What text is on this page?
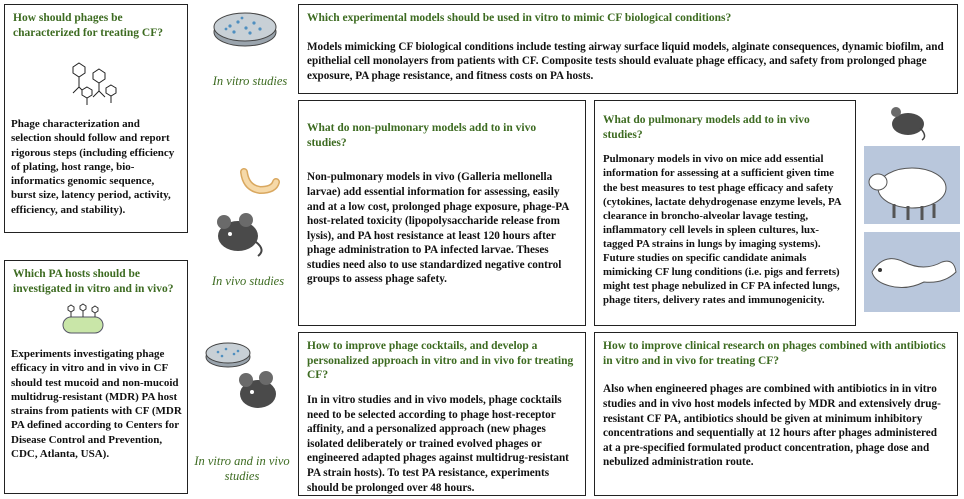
How should phages be characterized for treating CF?
Phage characterization and selection should follow and report rigorous steps (including efficiency of plating, host range, bio-informatics genomic sequence, burst size, latency period, activity, efficiency, and stability).
Which PA hosts should be investigated in vitro and in vivo?
Experiments investigating phage efficacy in vitro and in vivo in CF should test mucoid and non-mucoid multidrug-resistant (MDR) PA host strains from patients with CF (MDR PA defined according to Centers for Disease Control and Prevention, CDC, Atlanta, USA).
In vitro studies
In vivo studies
In vitro and in vivo studies
Which experimental models should be used in vitro to mimic CF biological conditions?
Models mimicking CF biological conditions include testing airway surface liquid models, alginate consequences, dynamic biofilm, and epithelial cell monolayers from patients with CF. Composite tests should evaluate phage efficacy, and safety from prolonged phage exposure, PA phage resistance, and fitness costs on PA hosts.
What do non-pulmonary models add to in vivo studies?
Non-pulmonary models in vivo (Galleria mellonella larvae) add essential information for assessing, easily and at a low cost, prolonged phage exposure, phage-PA host-related toxicity (lipopolysaccharide release from lysis), and PA host resistance at least 120 hours after phage administration to PA infected larvae. Theses studies need also to use standardized negative control groups to assess phage safety.
What do pulmonary models add to in vivo studies?
Pulmonary models in vivo on mice add essential information for assessing at a sufficient given time the best measures to test phage efficacy and safety (cytokines, lactate dehydrogenase enzyme levels, PA clearance in broncho-alveolar lavage testing, inflammatory cell levels in spleen cultures, lux-tagged PA strains in lungs by imaging systems). Future studies on specific candidate animals mimicking CF lung conditions (i.e. pigs and ferrets) might test phage nebulized in CF PA infected lungs, phage titers, delivery rates and immunogenicity.
How to improve phage cocktails, and develop a personalized approach in vitro and in vivo for treating CF?
In in vitro studies and in vivo models, phage cocktails need to be selected according to phage host-receptor affinity, and a personalized approach (new phages isolated deliberately or trained evolved phages or engineered adapted phages against multidrug-resistant PA strain hosts). To test PA resistance, experiments should be prolonged over 48 hours.
How to improve clinical research on phages combined with antibiotics in vitro and in vivo for treating CF?
Also when engineered phages are combined with antibiotics in in vitro studies and in vivo host models infected by MDR and extensively drug-resistant CF PA, antibiotics should be given at minimum inhibitory concentrations and sequentially at 12 hours after phages administered at a pre-specified formulated product concentration, phage dose and nebulized administration route.
